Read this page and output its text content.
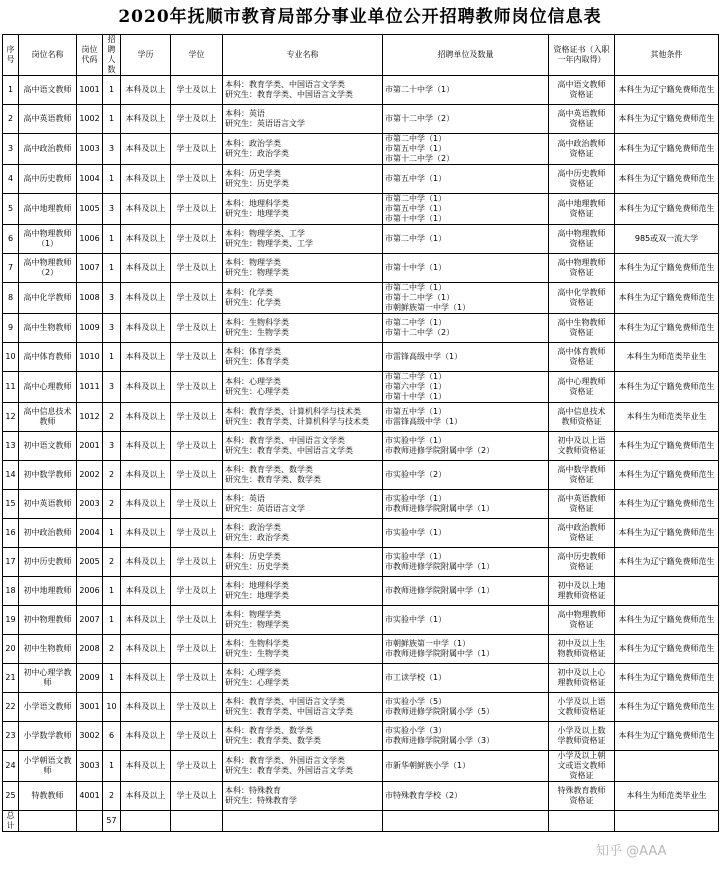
2020年抚顺市教育局部分事业单位公开招聘教师岗位信息表
序号	岗位名称	岗位代码	招聘人数	学历	学位	专业名称	招聘单位及数量	资格证书（入职一年内取得）	其他条件
1	高中语文教师	1001	1	本科及以上	学士及以上	本科：教育学类、中国语言文学类
研究生：教育学类、中国语言文学类	市第二十中学（1）	高中语文教师
资格证	本科生为辽宁籍免费师范生
2	高中英语教师	1002	1	本科及以上	学士及以上	本科：英语
研究生：英语语言文学	市第十二中学（2）	高中英语教师
资格证	本科生为辽宁籍免费师范生
3	高中政治教师	1003	3	本科及以上	学士及以上	本科：政治学类
研究生：政治学类	市第二中学（1）
市第五中学（1）
市第十二中学（2）	高中政治教师
资格证	本科生为辽宁籍免费师范生
4	高中历史教师	1004	1	本科及以上	学士及以上	本科：历史学类
研究生：历史学类	市第五中学（1）	高中历史教师
资格证	本科生为辽宁籍免费师范生
5	高中地理教师	1005	3	本科及以上	学士及以上	本科：地理科学类
研究生：地理学类	市第二中学（1）
市第五中学（1）
市第十中学（1）	高中地理教师
资格证	本科生为辽宁籍免费师范生
6	高中物理教师（1）	1006	1	本科及以上	学士及以上	本科：物理学类、工学
研究生：物理学类、工学	市第二中学（1）	高中物理教师
资格证	985或双一流大学
7	高中物理教师（2）	1007	1	本科及以上	学士及以上	本科：物理学类
研究生：物理学类	市第十中学（1）	高中物理教师
资格证	本科生为辽宁籍免费师范生
8	高中化学教师	1008	3	本科及以上	学士及以上	本科：化学类
研究生：化学类	市第二中学（1）
市第十二中学（1）
市朝鲜族第一中学（1）	高中化学教师
资格证	本科生为辽宁籍免费师范生
9	高中生物教师	1009	3	本科及以上	学士及以上	本科：生物科学类
研究生：生物学类	市第二中学（1）
市第十二中学（2）	高中生物教师
资格证	本科生为辽宁籍免费师范生
10	高中体育教师	1010	1	本科及以上	学士及以上	本科：体育学类
研究生：体育学类	市雷锋高级中学（1）	高中体育教师
资格证	本科生为师范类毕业生
11	高中心理教师	1011	3	本科及以上	学士及以上	本科：心理学类
研究生：心理学类	市第二中学（1）
市第六中学（1）
市第十中学（1）	高中心理教师
资格证	本科生为辽宁籍免费师范生
12	高中信息技术教师	1012	2	本科及以上	学士及以上	本科：教育学类、计算机科学与技术类
研究生：教育学类、计算机科学与技术类	市第五中学（1）
市雷锋高级中学（1）	高中信息技术
教师资格证	本科生为师范类毕业生
13	初中语文教师	2001	3	本科及以上	学士及以上	本科：教育学类、中国语言文学类
研究生：教育学类、中国语言文学类	市实验中学（1）
市教师进修学院附属中学（2）	初中及以上语
文教师资格证	本科生为辽宁籍免费师范生
14	初中数学教师	2002	2	本科及以上	学士及以上	本科：教育学类、数学类
研究生：教育学类、数学类	市实验中学（2）	高中数学教师
资格证	本科生为辽宁籍免费师范生
15	初中英语教师	2003	2	本科及以上	学士及以上	本科：英语
研究生：英语语言文学	市实验中学（1）
市教师进修学院附属中学（1）	高中英语教师
资格证	本科生为辽宁籍免费师范生
16	初中政治教师	2004	1	本科及以上	学士及以上	本科：政治学类
研究生：政治学类	市实验中学（1）	高中政治教师
资格证	本科生为辽宁籍免费师范生
17	初中历史教师	2005	2	本科及以上	学士及以上	本科：历史学类
研究生：历史学类	市实验中学（1）
市教师进修学院附属中学（1）	高中历史教师
资格证	本科生为辽宁籍免费师范生
18	初中地理教师	2006	1	本科及以上	学士及以上	本科：地理科学类
研究生：地理学类	市教师进修学院附属中学（1）	初中及以上地
理教师资格证	

19	初中物理教师	2007	1	本科及以上	学士及以上	本科：物理学类
研究生：物理学类	市实验中学（1）	高中物理教师
资格证	本科生为辽宁籍免费师范生
20	初中生物教师	2008	2	本科及以上	学士及以上	本科：生物科学类
研究生：生物学类	市朝鲜族第一中学（1）
市教师进修学院附属中学（1）	初中及以上生
物教师资格证	本科生为辽宁籍免费师范生
21	初中心理学教师	2009	1	本科及以上	学士及以上	本科：心理学类
研究生：心理学类	市工读学校（1）	初中及以上心
理教师资格证	本科生为辽宁籍免费师范生
22	小学语文教师	3001	10	本科及以上	学士及以上	本科：教育学类、中国语言文学类
研究生：教育学类、中国语言文学类	市实验小学（5）
市教师进修学院附属小学（5）	小学及以上语
文教师资格证	本科生为辽宁籍免费师范生
23	小学数学教师	3002	6	本科及以上	学士及以上	本科：教育学类、数学类
研究生：教育学类、数学类	市实验小学（3）
市教师进修学院附属小学（3）	小学及以上数
学教师资格证	本科生为辽宁籍免费师范生
24	小学朝语文教师	3003	1	本科及以上	学士及以上	本科：教育学类、外国语言文学类
研究生：教育学类、外国语言文学类	市新华朝鲜族小学（1）	小学及以上朝
文或语文教师
资格证	

25	特教教师	4001	2	本科及以上	学士及以上	本科：特殊教育
研究生：特殊教育学	市特殊教育学校（2）	特殊教育教师
资格证	本科生为师范类毕业生
总计			57						
知乎 @AAA
